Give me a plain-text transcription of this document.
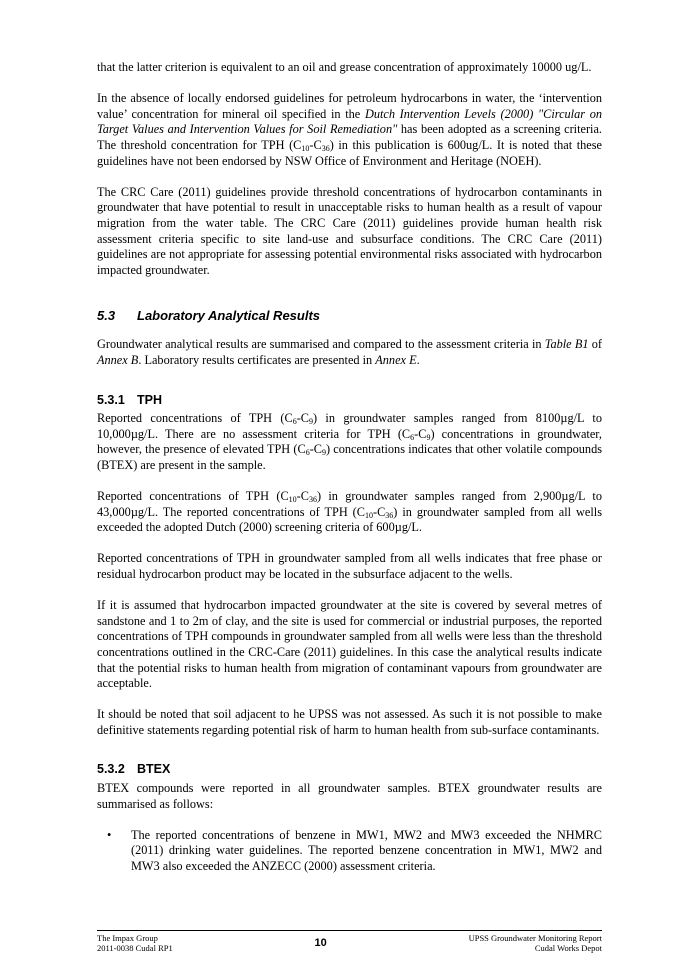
that the latter criterion is equivalent to an oil and grease concentration of approximately 10000 ug/L.

In the absence of locally endorsed guidelines for petroleum hydrocarbons in water, the ‘intervention value’ concentration for mineral oil specified in the Dutch Intervention Levels (2000) "Circular on Target Values and Intervention Values for Soil Remediation" has been adopted as a screening criteria. The threshold concentration for TPH $(C_{10}-C_{36})$ in this publication is 600ug/L. It is noted that these guidelines have not been endorsed by NSW Office of Environment and Heritage (NOEH).

The CRC Care (2011) guidelines provide threshold concentrations of hydrocarbon contaminants in groundwater that have potential to result in unacceptable risks to human health as a result of vapour migration from the water table. The CRC Care (2011) guidelines provide human health risk assessment criteria specific to site land-use and subsurface conditions. The CRC Care (2011) guidelines are not appropriate for assessing potential environmental risks associated with hydrocarbon impacted groundwater.

5.3 Laboratory Analytical Results

Groundwater analytical results are summarised and compared to the assessment criteria in Table B1 of Annex B. Laboratory results certificates are presented in Annex E.

5.3.1 TPH

Reported concentrations of TPH $(C_6-C_9)$ in groundwater samples ranged from 8100µg/L to 10,000µg/L. There are no assessment criteria for TPH $(C_6-C_9)$ concentrations in groundwater, however, the presence of elevated TPH $(C_6-C_9)$ concentrations indicates that other volatile compounds (BTEX) are present in the sample.

Reported concentrations of TPH $(C_{10}-C_{36})$ in groundwater samples ranged from 2,900µg/L to 43,000µg/L. The reported concentrations of TPH $(C_{10}-C_{36})$ in groundwater sampled from all wells exceeded the adopted Dutch (2000) screening criteria of 600µg/L.

Reported concentrations of TPH in groundwater sampled from all wells indicates that free phase or residual hydrocarbon product may be located in the subsurface adjacent to the wells.

If it is assumed that hydrocarbon impacted groundwater at the site is covered by several metres of sandstone and 1 to 2m of clay, and the site is used for commercial or industrial purposes, the reported concentrations of TPH compounds in groundwater sampled from all wells were less than the threshold concentrations outlined in the CRC-Care (2011) guidelines. In this case the analytical results indicate that the potential risks to human health from migration of contaminant vapours from groundwater are acceptable.

It should be noted that soil adjacent to he UPSS was not assessed. As such it is not possible to make definitive statements regarding potential risk of harm to human health from sub-surface contaminants.

5.3.2 BTEX

BTEX compounds were reported in all groundwater samples. BTEX groundwater results are summarised as follows:

•	The reported concentrations of benzene in MW1, MW2 and MW3 exceeded the NHMRC (2011) drinking water guidelines. The reported benzene concentration in MW1, MW2 and MW3 also exceeded the ANZECC (2000) assessment criteria.

The Impax Group
2011-0038 Cudal RP1	10	UPSS Groundwater Monitoring Report
Cudal Works Depot
